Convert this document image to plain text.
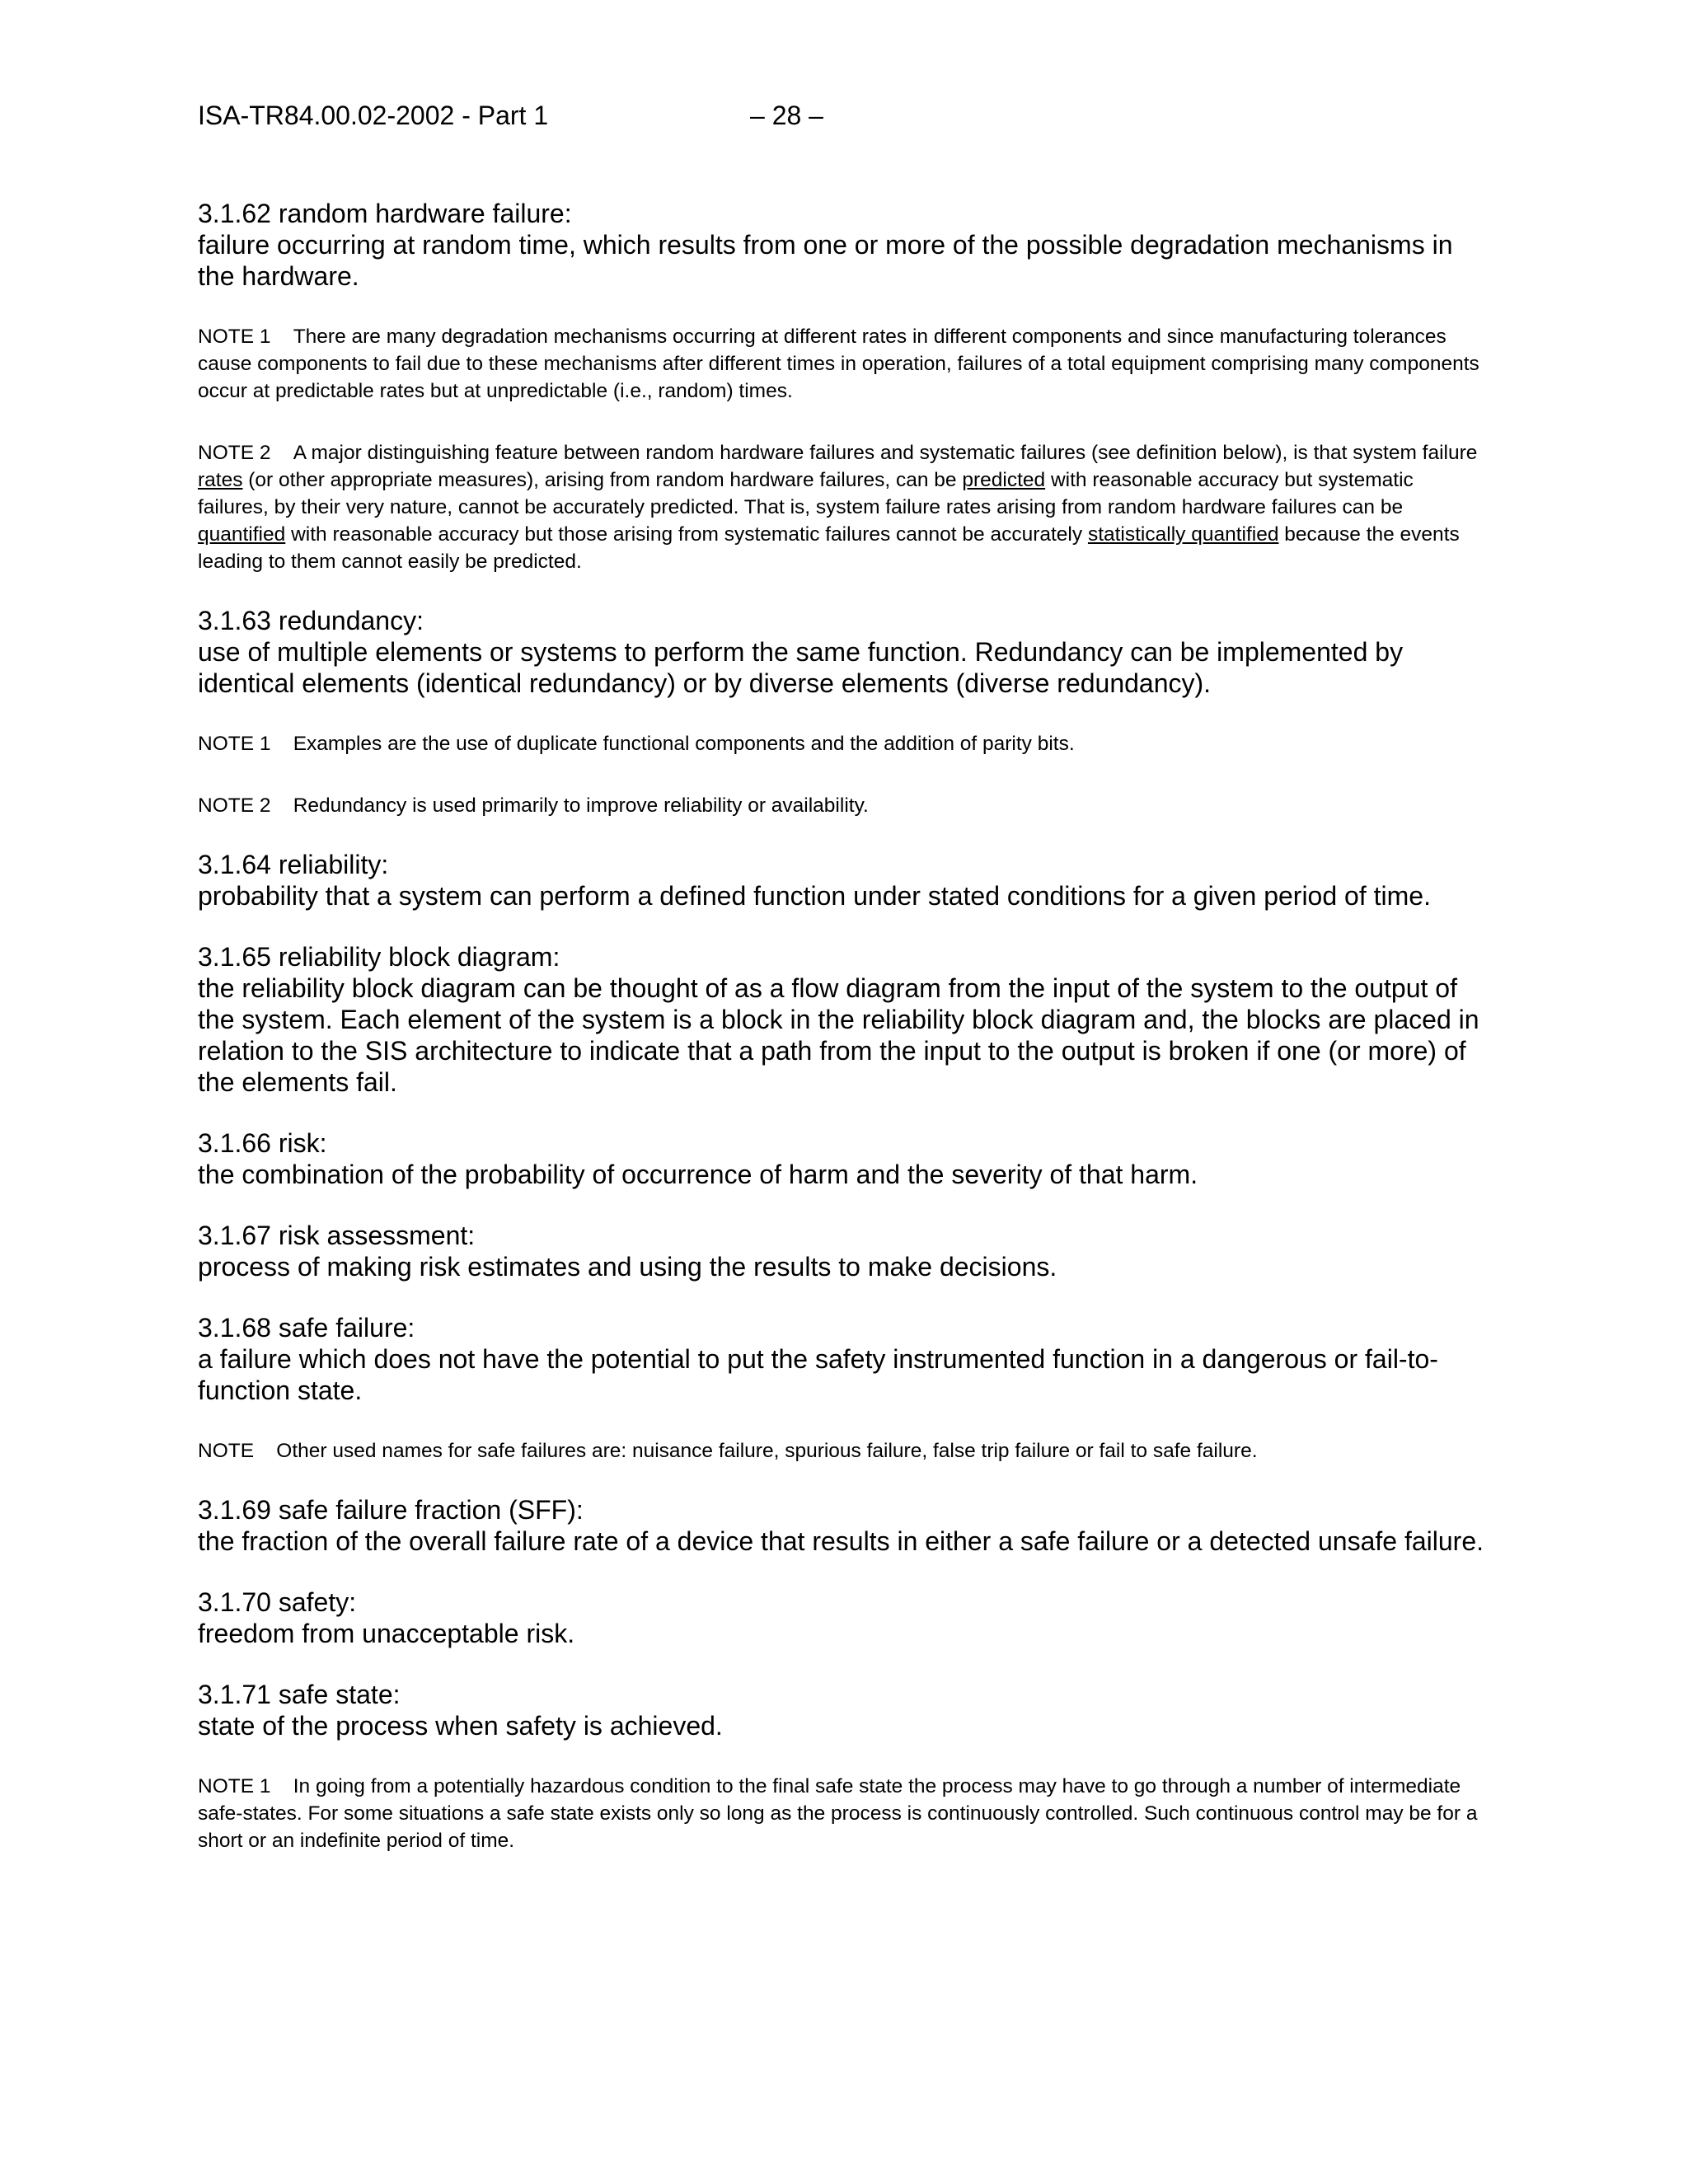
ISA-TR84.00.02-2002 - Part 1	– 28 –

3.1.62 random hardware failure:

failure occurring at random time, which results from one or more of the possible degradation mechanisms in the hardware.

NOTE 1    There are many degradation mechanisms occurring at different rates in different components and since manufacturing tolerances cause components to fail due to these mechanisms after different times in operation, failures of a total equipment comprising many components occur at predictable rates but at unpredictable (i.e., random) times.

NOTE 2    A major distinguishing feature between random hardware failures and systematic failures (see definition below), is that system failure rates (or other appropriate measures), arising from random hardware failures, can be predicted with reasonable accuracy but systematic failures, by their very nature, cannot be accurately predicted. That is, system failure rates arising from random hardware failures can be quantified with reasonable accuracy but those arising from systematic failures cannot be accurately statistically quantified because the events leading to them cannot easily be predicted.

3.1.63 redundancy:

use of multiple elements or systems to perform the same function. Redundancy can be implemented by identical elements (identical redundancy) or by diverse elements (diverse redundancy).

NOTE 1    Examples are the use of duplicate functional components and the addition of parity bits.

NOTE 2    Redundancy is used primarily to improve reliability or availability.

3.1.64 reliability:

probability that a system can perform a defined function under stated conditions for a given period of time.

3.1.65 reliability block diagram:

the reliability block diagram can be thought of as a flow diagram from the input of the system to the output of the system. Each element of the system is a block in the reliability block diagram and, the blocks are placed in relation to the SIS architecture to indicate that a path from the input to the output is broken if one (or more) of the elements fail.

3.1.66 risk:

the combination of the probability of occurrence of harm and the severity of that harm.

3.1.67 risk assessment:

process of making risk estimates and using the results to make decisions.

3.1.68 safe failure:

a failure which does not have the potential to put the safety instrumented function in a dangerous or fail-to-function state.

NOTE    Other used names for safe failures are: nuisance failure, spurious failure, false trip failure or fail to safe failure.

3.1.69 safe failure fraction (SFF):

the fraction of the overall failure rate of a device that results in either a safe failure or a detected unsafe failure.

3.1.70 safety:

freedom from unacceptable risk.

3.1.71 safe state:

state of the process when safety is achieved.

NOTE 1    In going from a potentially hazardous condition to the final safe state the process may have to go through a number of intermediate safe-states. For some situations a safe state exists only so long as the process is continuously controlled. Such continuous control may be for a short or an indefinite period of time.
